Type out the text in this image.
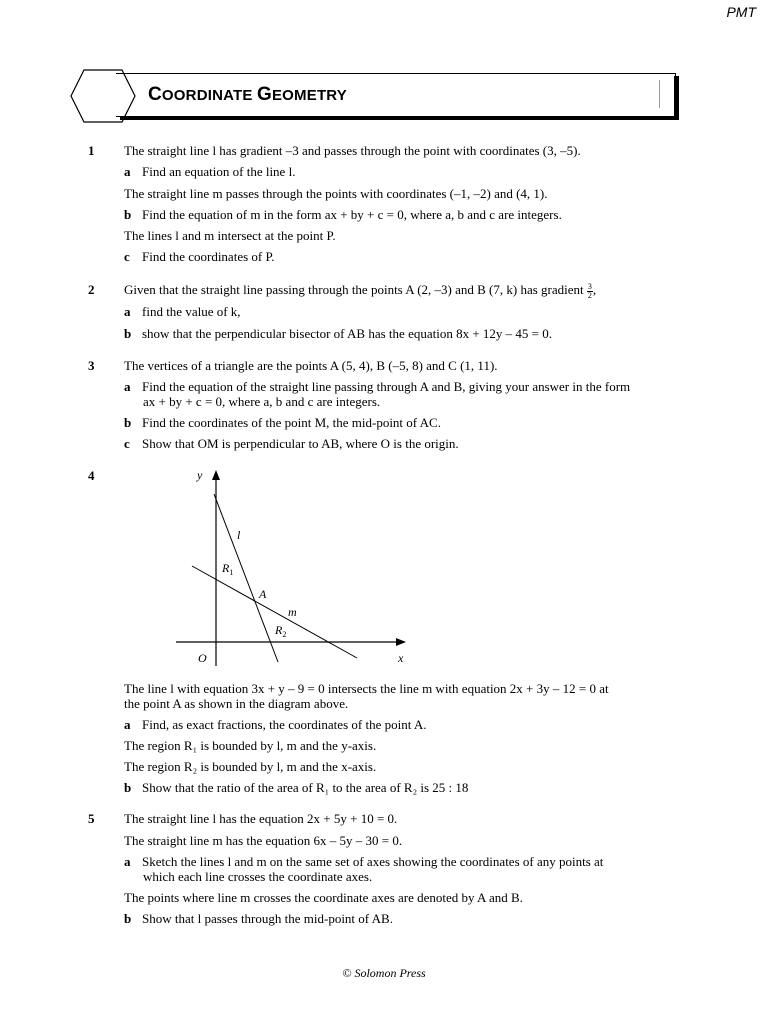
PMT
COORDINATE GEOMETRY
1 The straight line l has gradient –3 and passes through the point with coordinates (3, –5).
a Find an equation of the line l.
The straight line m passes through the points with coordinates (–1, –2) and (4, 1).
b Find the equation of m in the form ax + by + c = 0, where a, b and c are integers.
The lines l and m intersect at the point P.
c Find the coordinates of P.
2 Given that the straight line passing through the points A (2, –3) and B (7, k) has gradient $\frac{3}{2}$ ,
a find the value of k,
b show that the perpendicular bisector of AB has the equation 8x + 12y – 45 = 0.
3 The vertices of a triangle are the points A (5, 4), B (–5, 8) and C (1, 11).
a Find the equation of the straight line passing through A and B, giving your answer in the form
ax + by + c = 0, where a, b and c are integers.
b Find the coordinates of the point M, the mid-point of AC.
c Show that OM is perpendicular to AB, where O is the origin.
4	y
x
O
l
m
A
$R_1$
$R_2$
The line l with equation 3x + y – 9 = 0 intersects the line m with equation 2x + 3y – 12 = 0 at
the point A as shown in the diagram above.
a Find, as exact fractions, the coordinates of the point A.
The region R₁ is bounded by l, m and the y-axis.
The region R₂ is bounded by l, m and the x-axis.
b Show that the ratio of the area of R₁ to the area of R₂ is 25 : 18
5 The straight line l has the equation 2x + 5y + 10 = 0.
The straight line m has the equation 6x – 5y – 30 = 0.
a Sketch the lines l and m on the same set of axes showing the coordinates of any points at
which each line crosses the coordinate axes.
The points where line m crosses the coordinate axes are denoted by A and B.
b Show that l passes through the mid-point of AB.
© Solomon Press
